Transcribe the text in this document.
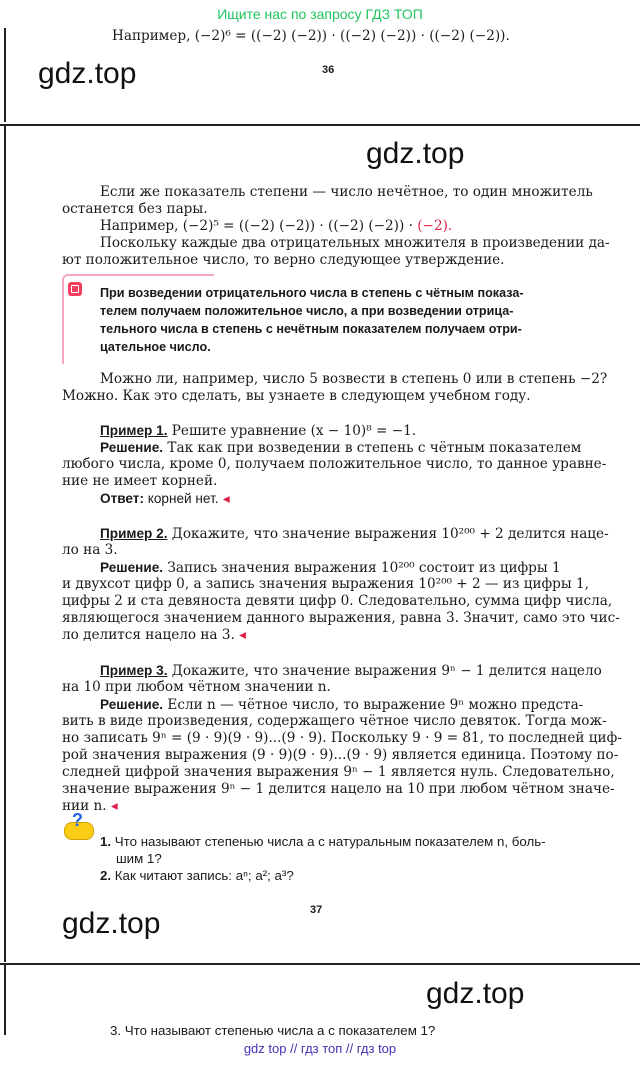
Ищите нас по запросу ГДЗ ТОП
Например, (−2)⁶ = ((−2) (−2)) · ((−2) (−2)) · ((−2) (−2)).
gdz.top	36
gdz.top
Если же показатель степени — число нечётное, то один множитель
останется без пары.
Например, (−2)⁵ = ((−2) (−2)) · ((−2) (−2)) · (−2).
Поскольку каждые два отрицательных множителя в произведении да-
ют положительное число, то верно следующее утверждение.
При возведении отрицательного числа в степень с чётным показа-
телем получаем положительное число, а при возведении отрица-
тельного числа в степень с нечётным показателем получаем отри-
цательное число.
Можно ли, например, число 5 возвести в степень 0 или в степень −2?
Можно. Как это сделать, вы узнаете в следующем учебном году.
Пример 1. Решите уравнение (x − 10)⁸ = −1.
Решение. Так как при возведении в степень с чётным показателем
любого числа, кроме 0, получаем положительное число, то данное уравне-
ние не имеет корней.
Ответ: корней нет. ◂
Пример 2. Докажите, что значение выражения 10²⁰⁰ + 2 делится наце-
ло на 3.
Решение. Запись значения выражения 10²⁰⁰ состоит из цифры 1
и двухсот цифр 0, а запись значения выражения 10²⁰⁰ + 2 — из цифры 1,
цифры 2 и ста девяноста девяти цифр 0. Следовательно, сумма цифр числа,
являющегося значением данного выражения, равна 3. Значит, само это чис-
ло делится нацело на 3. ◂
Пример 3. Докажите, что значение выражения 9ⁿ − 1 делится нацело
на 10 при любом чётном значении n.
Решение. Если n — чётное число, то выражение 9ⁿ можно предста-
вить в виде произведения, содержащего чётное число девяток. Тогда мож-
но записать 9ⁿ = (9 · 9)(9 · 9)...(9 · 9). Поскольку 9 · 9 = 81, то последней циф-
рой значения выражения (9 · 9)(9 · 9)...(9 · 9) является единица. Поэтому по-
следней цифрой значения выражения 9ⁿ − 1 является нуль. Следовательно,
значение выражения 9ⁿ − 1 делится нацело на 10 при любом чётном значе-
нии n. ◂
?
1. Что называют степенью числа a с натуральным показателем n, боль-
шим 1?
2. Как читают запись: aⁿ; a²; a³?
37
gdz.top
gdz.top
3. Что называют степенью числа a с показателем 1?
gdz top // гдз топ // гдз top
